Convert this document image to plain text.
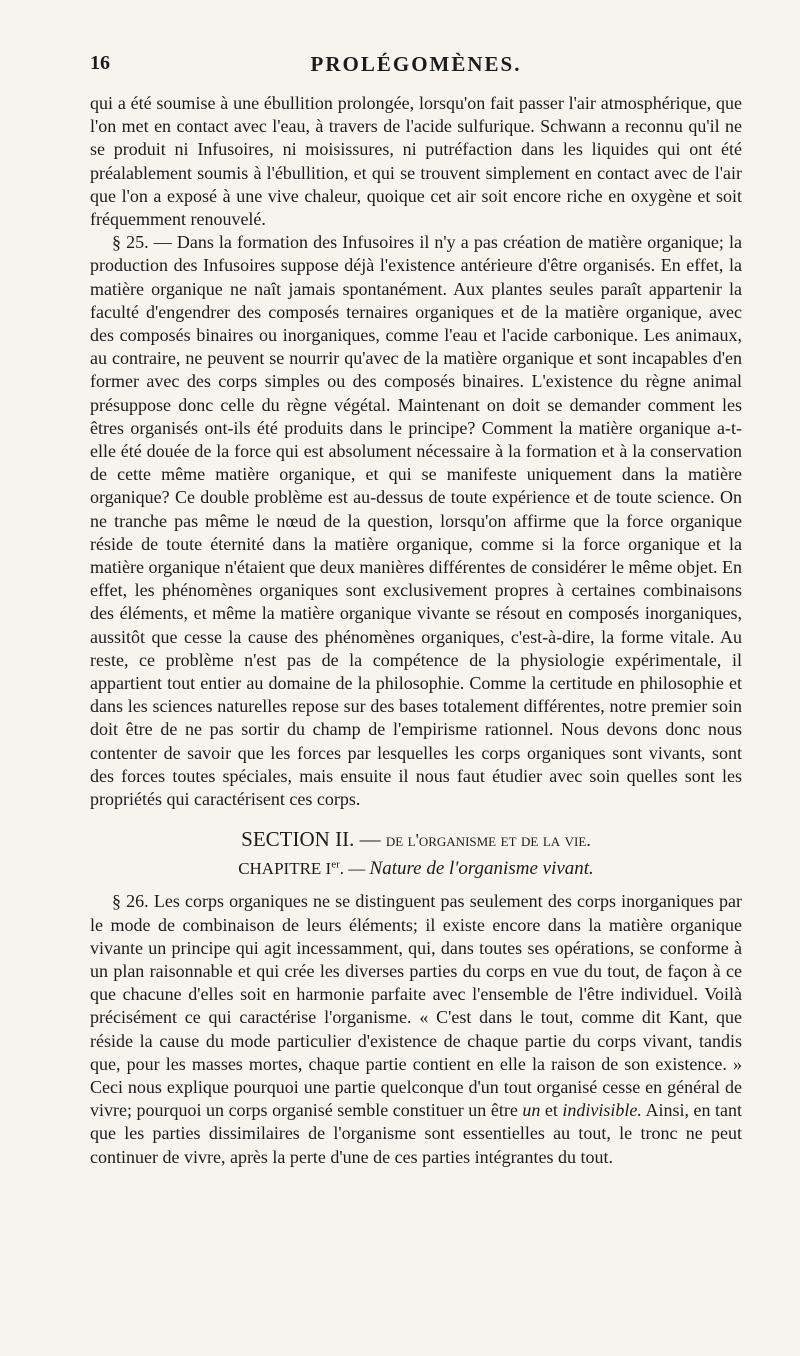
16	PROLÉGOMÈNES.

qui a été soumise à une ébullition prolongée, lorsqu'on fait passer l'air atmosphérique, que l'on met en contact avec l'eau, à travers de l'acide sulfurique. Schwann a reconnu qu'il ne se produit ni Infusoires, ni moisissures, ni putréfaction dans les liquides qui ont été préalablement soumis à l'ébullition, et qui se trouvent simplement en contact avec de l'air que l'on a exposé à une vive chaleur, quoique cet air soit encore riche en oxygène et soit fréquemment renouvelé.

§ 25. — Dans la formation des Infusoires il n'y a pas création de matière organique; la production des Infusoires suppose déjà l'existence antérieure d'être organisés. En effet, la matière organique ne naît jamais spontanément. Aux plantes seules paraît appartenir la faculté d'engendrer des composés ternaires organiques et de la matière organique, avec des composés binaires ou inorganiques, comme l'eau et l'acide carbonique. Les animaux, au contraire, ne peuvent se nourrir qu'avec de la matière organique et sont incapables d'en former avec des corps simples ou des composés binaires. L'existence du règne animal présuppose donc celle du règne végétal. Maintenant on doit se demander comment les êtres organisés ont-ils été produits dans le principe? Comment la matière organique a-t-elle été douée de la force qui est absolument nécessaire à la formation et à la conservation de cette même matière organique, et qui se manifeste uniquement dans la matière organique? Ce double problème est au-dessus de toute expérience et de toute science. On ne tranche pas même le nœud de la question, lorsqu'on affirme que la force organique réside de toute éternité dans la matière organique, comme si la force organique et la matière organique n'étaient que deux manières différentes de considérer le même objet. En effet, les phénomènes organiques sont exclusivement propres à certaines combinaisons des éléments, et même la matière organique vivante se résout en composés inorganiques, aussitôt que cesse la cause des phénomènes organiques, c'est-à-dire, la forme vitale. Au reste, ce problème n'est pas de la compétence de la physiologie expérimentale, il appartient tout entier au domaine de la philosophie. Comme la certitude en philosophie et dans les sciences naturelles repose sur des bases totalement différentes, notre premier soin doit être de ne pas sortir du champ de l'empirisme rationnel. Nous devons donc nous contenter de savoir que les forces par lesquelles les corps organiques sont vivants, sont des forces toutes spéciales, mais ensuite il nous faut étudier avec soin quelles sont les propriétés qui caractérisent ces corps.

SECTION II. — de l'organisme et de la vie.
CHAPITRE Ier. — Nature de l'organisme vivant.

§ 26. Les corps organiques ne se distinguent pas seulement des corps inorganiques par le mode de combinaison de leurs éléments; il existe encore dans la matière organique vivante un principe qui agit incessamment, qui, dans toutes ses opérations, se conforme à un plan raisonnable et qui crée les diverses parties du corps en vue du tout, de façon à ce que chacune d'elles soit en harmonie parfaite avec l'ensemble de l'être individuel. Voilà précisément ce qui caractérise l'organisme. « C'est dans le tout, comme dit Kant, que réside la cause du mode particulier d'existence de chaque partie du corps vivant, tandis que, pour les masses mortes, chaque partie contient en elle la raison de son existence. » Ceci nous explique pourquoi une partie quelconque d'un tout organisé cesse en général de vivre; pourquoi un corps organisé semble constituer un être un et indivisible. Ainsi, en tant que les parties dissimilaires de l'organisme sont essentielles au tout, le tronc ne peut continuer de vivre, après la perte d'une de ces parties intégrantes du tout.
